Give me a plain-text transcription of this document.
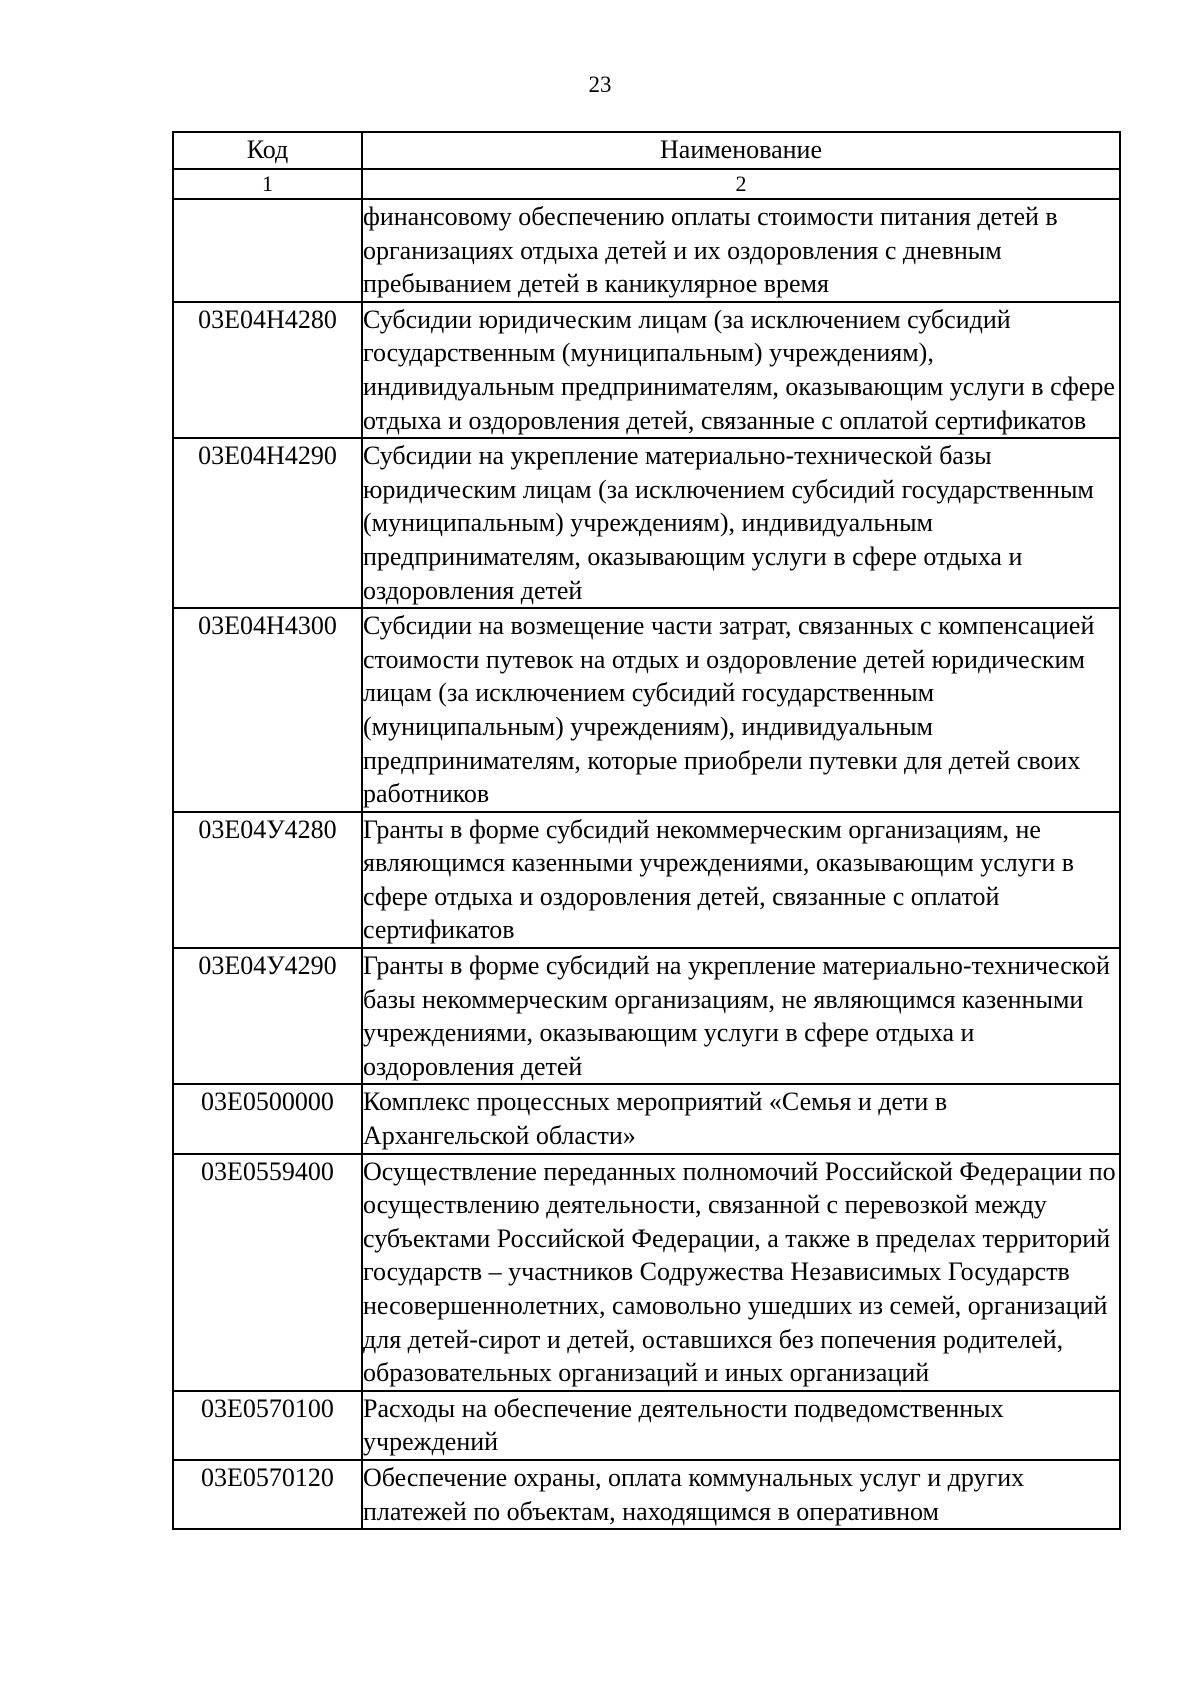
23
Код	Наименование
1	2
	финансовому обеспечению оплаты стоимости питания детей в организациях отдыха детей и их оздоровления с дневным пребыванием детей в каникулярное время
03Е04Н4280	Субсидии юридическим лицам (за исключением субсидий государственным (муниципальным) учреждениям), индивидуальным предпринимателям, оказывающим услуги в сфере отдыха и оздоровления детей, связанные с оплатой сертификатов
03Е04Н4290	Субсидии на укрепление материально-технической базы юридическим лицам (за исключением субсидий государственным (муниципальным) учреждениям), индивидуальным предпринимателям, оказывающим услуги в сфере отдыха и оздоровления детей
03Е04Н4300	Субсидии на возмещение части затрат, связанных с компенсацией стоимости путевок на отдых и оздоровление детей юридическим лицам (за исключением субсидий государственным (муниципальным) учреждениям), индивидуальным предпринимателям, которые приобрели путевки для детей своих работников
03Е04У4280	Гранты в форме субсидий некоммерческим организациям, не являющимся казенными учреждениями, оказывающим услуги в сфере отдыха и оздоровления детей, связанные с оплатой сертификатов
03Е04У4290	Гранты в форме субсидий на укрепление материально-технической базы некоммерческим организациям, не являющимся казенными учреждениями, оказывающим услуги в сфере отдыха и оздоровления детей
03Е0500000	Комплекс процессных мероприятий «Семья и дети в Архангельской области»
03Е0559400	Осуществление переданных полномочий Российской Федерации по осуществлению деятельности, связанной с перевозкой между субъектами Российской Федерации, а также в пределах территорий государств – участников Содружества Независимых Государств несовершеннолетних, самовольно ушедших из семей, организаций для детей-сирот и детей, оставшихся без попечения родителей, образовательных организаций и иных организаций
03Е0570100	Расходы на обеспечение деятельности подведомственных учреждений
03Е0570120	Обеспечение охраны, оплата коммунальных услуг и других платежей по объектам, находящимся в оперативном
